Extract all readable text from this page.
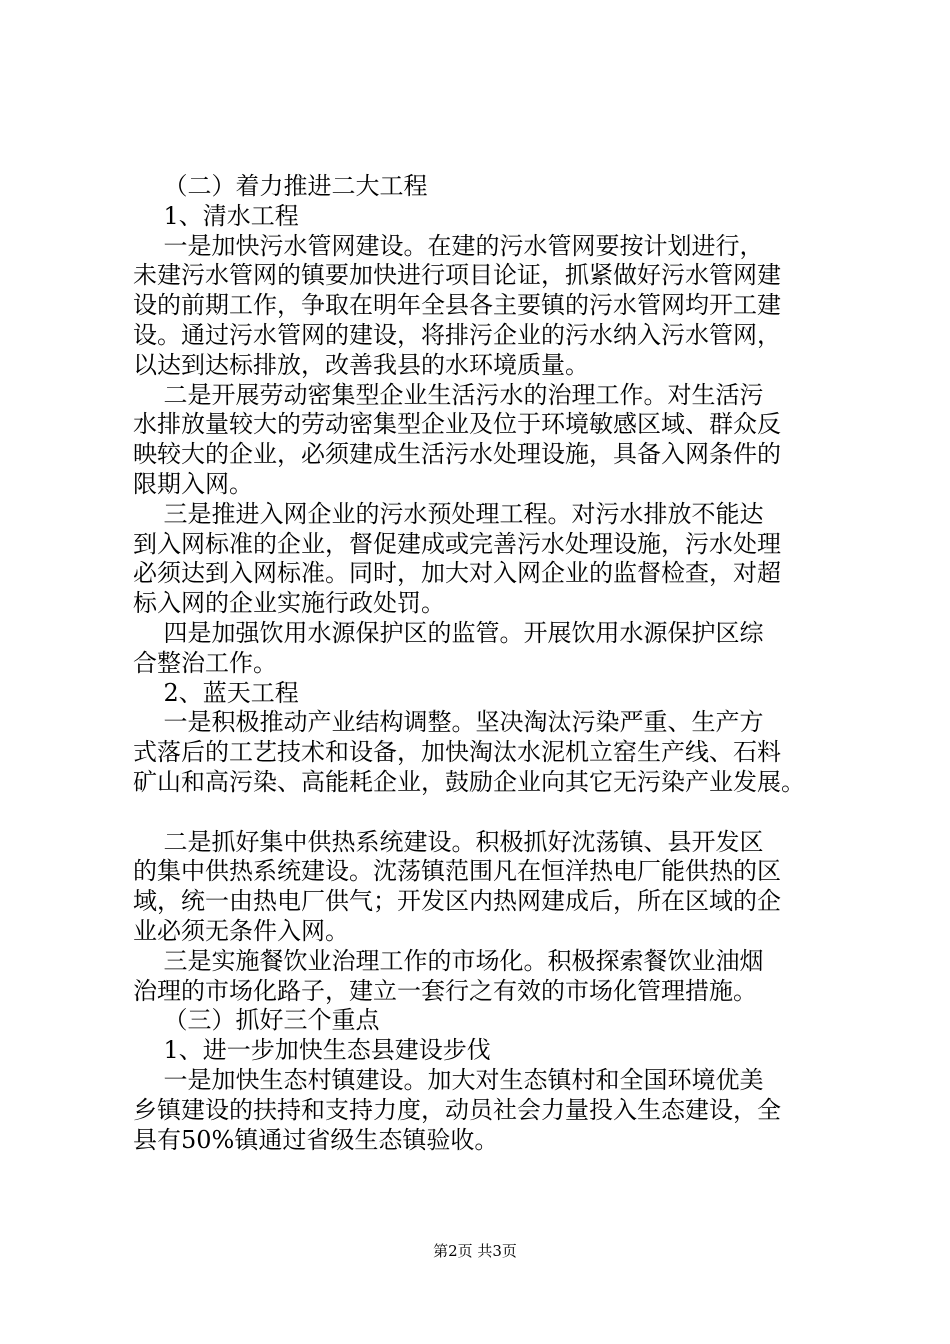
（二）着力推进二大工程
1、清水工程
一是加快污水管网建设。在建的污水管网要按计划进行，
未建污水管网的镇要加快进行项目论证，抓紧做好污水管网建
设的前期工作，争取在明年全县各主要镇的污水管网均开工建
设。通过污水管网的建设，将排污企业的污水纳入污水管网，
以达到达标排放，改善我县的水环境质量。
二是开展劳动密集型企业生活污水的治理工作。对生活污
水排放量较大的劳动密集型企业及位于环境敏感区域、群众反
映较大的企业，必须建成生活污水处理设施，具备入网条件的
限期入网。
三是推进入网企业的污水预处理工程。对污水排放不能达
到入网标准的企业，督促建成或完善污水处理设施，污水处理
必须达到入网标准。同时，加大对入网企业的监督检查，对超
标入网的企业实施行政处罚。
四是加强饮用水源保护区的监管。开展饮用水源保护区综
合整治工作。
2、蓝天工程
一是积极推动产业结构调整。坚决淘汰污染严重、生产方
式落后的工艺技术和设备，加快淘汰水泥机立窑生产线、石料
矿山和高污染、高能耗企业，鼓励企业向其它无污染产业发展。
二是抓好集中供热系统建设。积极抓好沈荡镇、县开发区
的集中供热系统建设。沈荡镇范围凡在恒洋热电厂能供热的区
域，统一由热电厂供气；开发区内热网建成后，所在区域的企
业必须无条件入网。
三是实施餐饮业治理工作的市场化。积极探索餐饮业油烟
治理的市场化路子，建立一套行之有效的市场化管理措施。
（三）抓好三个重点
1、进一步加快生态县建设步伐
一是加快生态村镇建设。加大对生态镇村和全国环境优美
乡镇建设的扶持和支持力度，动员社会力量投入生态建设，全
县有50%镇通过省级生态镇验收。
第2页 共3页
